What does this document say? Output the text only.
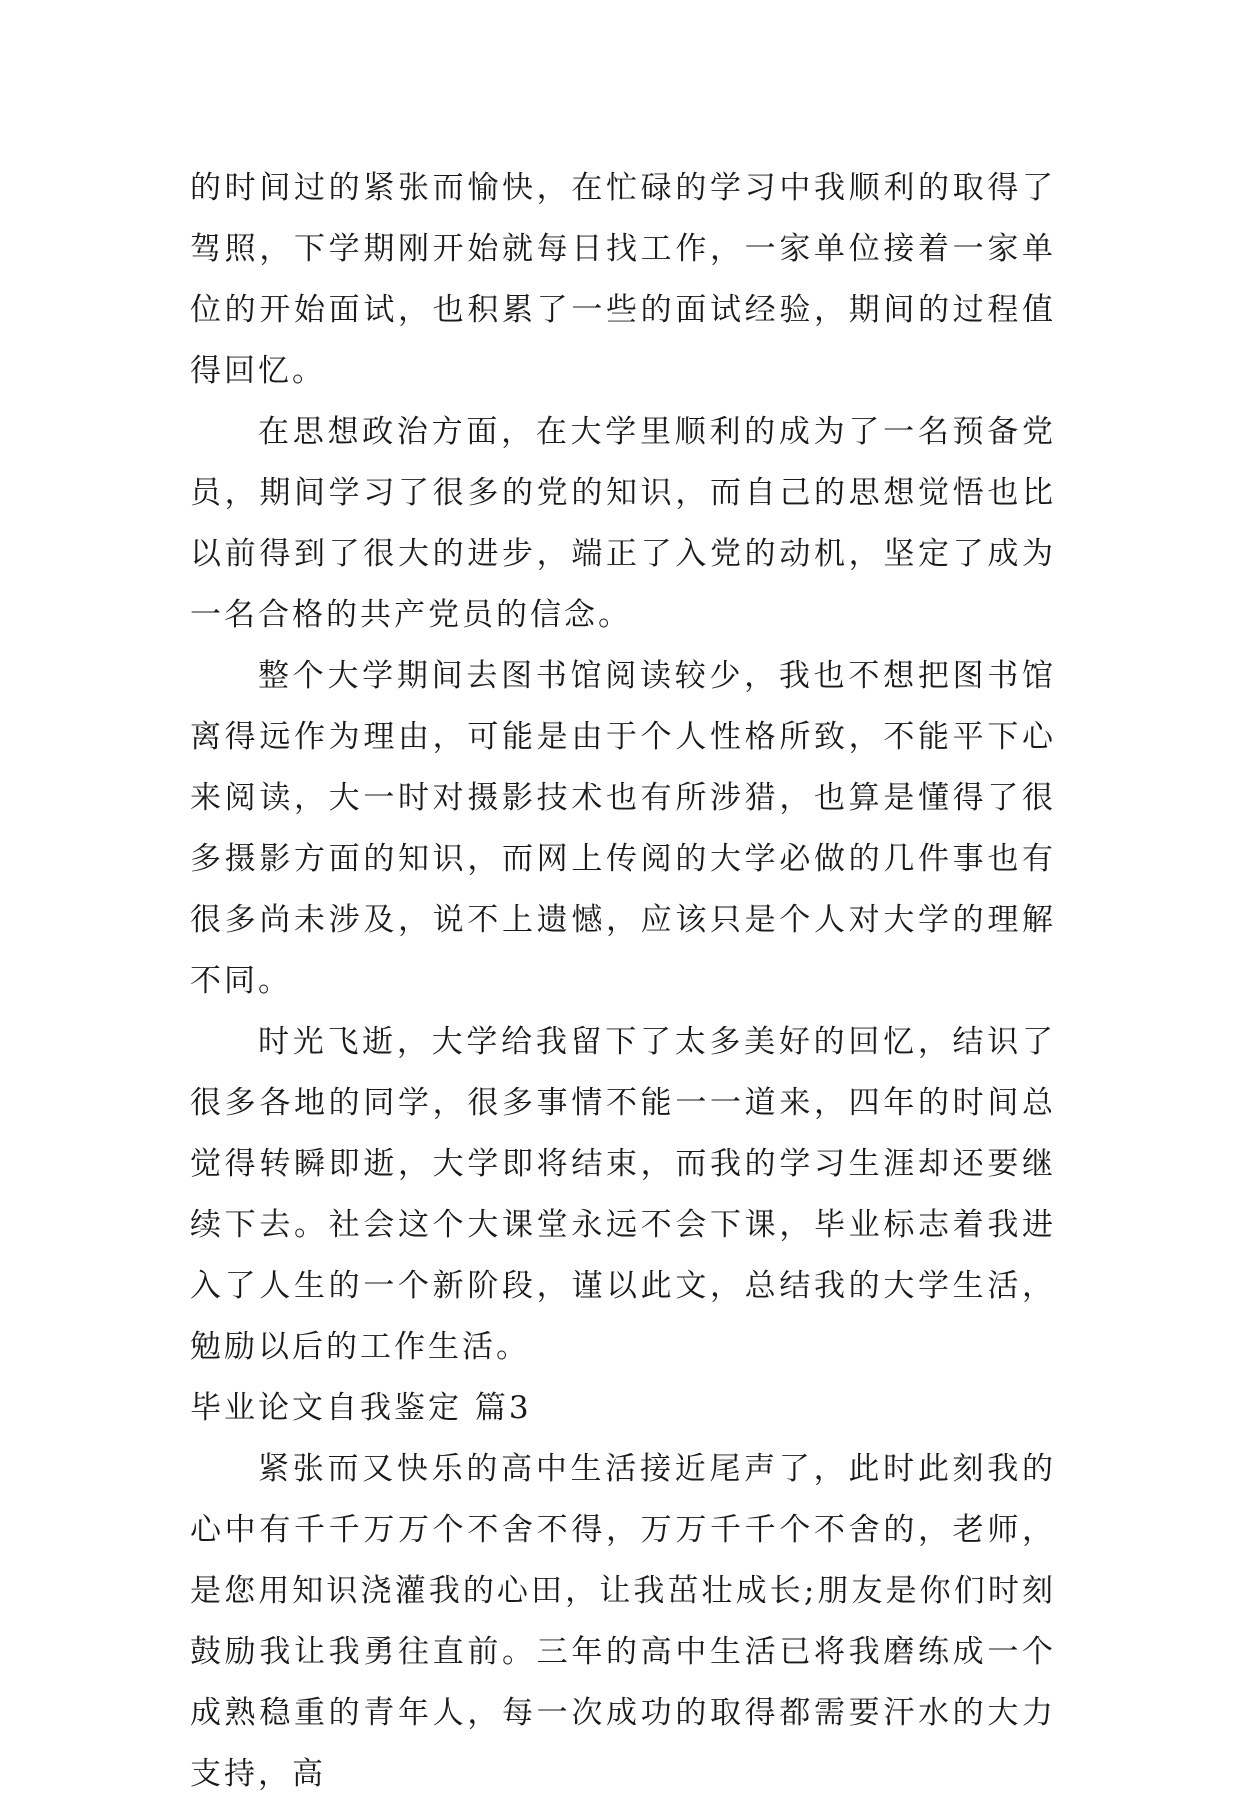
的时间过的紧张而愉快，在忙碌的学习中我顺利的取得了驾照，下学期刚开始就每日找工作，一家单位接着一家单位的开始面试，也积累了一些的面试经验，期间的过程值得回忆。

在思想政治方面，在大学里顺利的成为了一名预备党员，期间学习了很多的党的知识，而自己的思想觉悟也比以前得到了很大的进步，端正了入党的动机，坚定了成为一名合格的共产党员的信念。

整个大学期间去图书馆阅读较少，我也不想把图书馆离得远作为理由，可能是由于个人性格所致，不能平下心来阅读，大一时对摄影技术也有所涉猎，也算是懂得了很多摄影方面的知识，而网上传阅的大学必做的几件事也有很多尚未涉及，说不上遗憾，应该只是个人对大学的理解不同。

时光飞逝，大学给我留下了太多美好的回忆，结识了很多各地的同学，很多事情不能一一道来，四年的时间总觉得转瞬即逝，大学即将结束，而我的学习生涯却还要继续下去。社会这个大课堂永远不会下课，毕业标志着我进入了人生的一个新阶段，谨以此文，总结我的大学生活，勉励以后的工作生活。

毕业论文自我鉴定 篇3

紧张而又快乐的高中生活接近尾声了，此时此刻我的心中有千千万万个不舍不得，万万千千个不舍的，老师，是您用知识浇灌我的心田，让我茁壮成长;朋友是你们时刻鼓励我让我勇往直前。三年的高中生活已将我磨练成一个成熟稳重的青年人，每一次成功的取得都需要汗水的大力支持，高
